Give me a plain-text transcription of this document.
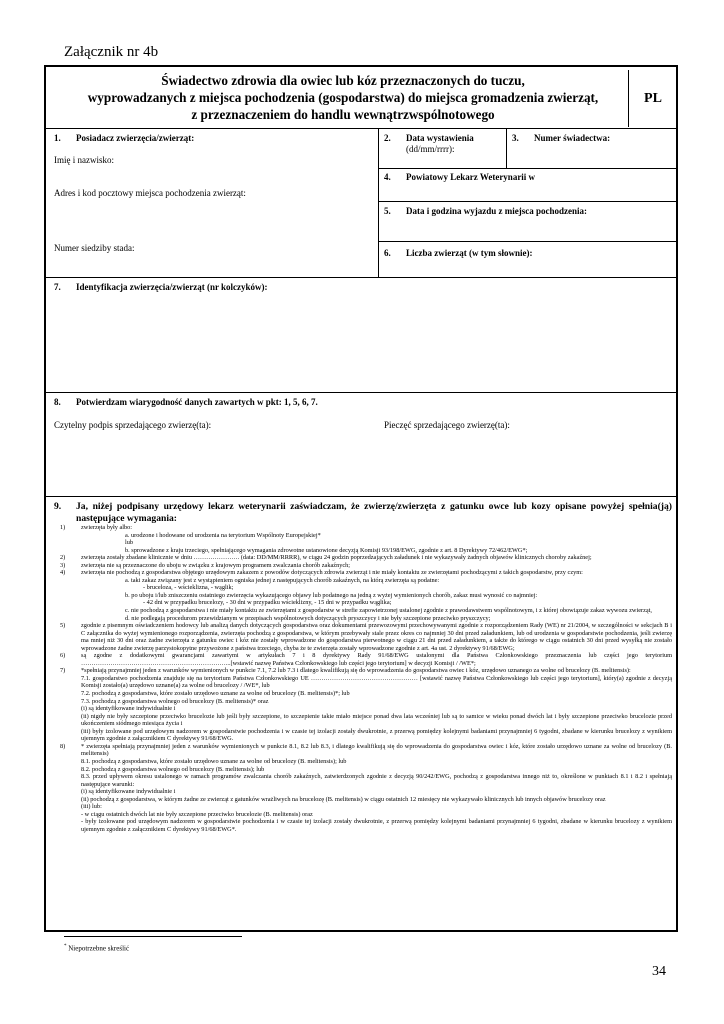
Załącznik nr 4b
Świadectwo zdrowia dla owiec lub kóz przeznaczonych do tuczu,
wyprowadzanych z miejsca pochodzenia (gospodarstwa) do miejsca gromadzenia zwierząt,
z przeznaczeniem do handlu wewnątrzwspólnotowego
PL
1. Posiadacz zwierzęcia/zwierząt:
Imię i nazwisko:
Adres i kod pocztowy miejsca pochodzenia zwierząt:
Numer siedziby stada:
2. Data wystawienia
(dd/mm/rrrr):
3. Numer świadectwa:
4. Powiatowy Lekarz Weterynarii w
5. Data i godzina wyjazdu z miejsca pochodzenia:
6. Liczba zwierząt (w tym słownie):
7. Identyfikacja zwierzęcia/zwierząt (nr kolczyków):
8. Potwierdzam wiarygodność danych zawartych w pkt: 1, 5, 6, 7.
Czytelny podpis sprzedającego zwierzę(ta):	Pieczęć sprzedającego zwierzę(ta):
9.	Ja, niżej podpisany urzędowy lekarz weterynarii zaświadczam, że zwierzę/zwierzęta z gatunku owce lub kozy opisane powyżej spełnia(ją) następujące wymagania:
1)	zwierzęta były albo:
a. urodzone i hodowane od urodzenia na terytorium Wspólnoty Europejskiej*
lub
b. sprowadzone z kraju trzeciego, spełniającego wymagania zdrowotne ustanowione decyzją Komisji 93/198/EWG, zgodnie z art. 8 Dyrektywy 72/462/EWG*;
2)	zwierzęta zostały zbadane klinicznie w dniu …………………. (data: DD/MM/RRRR), w ciągu 24 godzin poprzedzających załadunek i nie wykazywały żadnych objawów klinicznych choroby zakaźnej;
3)	zwierzęta nie są przeznaczone do uboju w związku z krajowym programem zwalczania chorób zakaźnych;
4)	zwierzęta nie pochodzą z gospodarstwa objętego urzędowym zakazem z powodów dotyczących zdrowia zwierząt i nie miały kontaktu ze zwierzętami pochodzącymi z takich gospodarstw, przy czym:
a. taki zakaz związany jest z wystąpieniem ogniska jednej z następujących chorób zakaźnych, na którą zwierzęta są podatne:
- bruceloza, - wścieklizna, - wąglik;
b. po uboju i/lub zniszczeniu ostatniego zwierzęcia wykazującego objawy lub podatnego na jedną z wyżej wymienionych chorób, zakaz musi wynosić co najmniej:
- 42 dni w przypadku brucelozy, - 30 dni w przypadku wścieklizny, - 15 dni w przypadku wąglika;
c. nie pochodzą z gospodarstwa i nie miały kontaktu ze zwierzętami z gospodarstw w strefie zapowietrzonej ustalonej zgodnie z prawodawstwem wspólnotowym, i z której obowiązuje zakaz wywozu zwierząt,
d. nie podlegają procedurom przewidzianym w przepisach wspólnotowych dotyczących pryszczycy i nie były szczepione przeciwko pryszczycy;
5)	zgodnie z pisemnym oświadczeniem hodowcy lub analizą danych dotyczących gospodarstwa oraz dokumentami przewozowymi przechowywanymi zgodnie z rozporządzeniem Rady (WE) nr 21/2004, w szczególności w sekcjach B i C załącznika do wyżej wymienionego rozporządzenia, zwierzęta pochodzą z gospodarstwa, w którym przebywały stale przez okres co najmniej 30 dni przed załadunkiem, lub od urodzenia w gospodarstwie pochodzenia, jeśli zwierzę ma mniej niż 30 dni oraz żadne zwierzęta z gatunku owiec i kóz nie zostały wprowadzone do gospodarstwa pierwotnego w ciągu 21 dni przed załadunkiem, a także do którego w ciągu ostatnich 30 dni przed wysyłką nie zostało wprowadzone żadne zwierzę parzystokopytne przywożone z państwa trzeciego, chyba że te zwierzęta zostały wprowadzone zgodnie z art. 4a ust. 2 dyrektywy 91/68/EWG;
6)	są zgodne z dodatkowymi gwarancjami zawartymi w artykułach 7 i 8 dyrektywy Rady 91/68/EWG ustalonymi dla Państwa Członkowskiego przeznaczenia lub części jego terytorium ……………………………………………………………...[wstawić nazwę Państwa Członkowskiego lub części jego terytorium] w decyzji Komisji / /WE*;
7)	*spełniają przynajmniej jeden z warunków wymienionych w punkcie 7.1, 7.2 lub 7.3 i dlatego kwalifikują się do wprowadzenia do gospodarstwa owiec i kóz, urzędowo uznanego za wolne od brucelozy (B. melitensis):
7.1. gospodarstwo pochodzenia znajduje się na terytorium Państwa Członkowskiego UE …………………………………………… [wstawić nazwę Państwa Członkowskiego lub części jego terytorium], który(a) zgodnie z decyzją Komisji zostało(a) urzędowo uznane(a) za wolne od brucelozy / /WE*, lub
7.2. pochodzą z gospodarstwa, które zostało urzędowo uznane za wolne od brucelozy (B. melitensis)*; lub
7.3. pochodzą z gospodarstwa wolnego od brucelozy (B. melitensis)* oraz
(i) są identyfikowane indywidualnie i
(ii) nigdy nie były szczepione przeciwko brucelozie lub jeśli były szczepione, to szczepienie takie miało miejsce ponad dwa lata wcześniej lub są to samice w wieku ponad dwóch lat i były szczepione przeciwko brucelozie przed ukończeniem siódmego miesiąca życia i
(iii) były izolowane pod urzędowym nadzorem w gospodarstwie pochodzenia i w czasie tej izolacji zostały dwukrotnie, z przerwą pomiędzy kolejnymi badaniami przynajmniej 6 tygodni, zbadane w kierunku brucelozy z wynikiem ujemnym zgodnie z załącznikiem C dyrektywy 91/68/EWG.
8)	* zwierzęta spełniają przynajmniej jeden z warunków wymienionych w punkcie 8.1, 8.2 lub 8.3, i dlatego kwalifikują się do wprowadzenia do gospodarstwa owiec i kóz, które zostało urzędowo uznane za wolne od brucelozy (B. melitensis)
8.1. pochodzą z gospodarstwa, które zostało urzędowo uznane za wolne od brucelozy (B. melitensis); lub
8.2. pochodzą z gospodarstwa wolnego od brucelozy (B. melitensis); lub
8.3. przed upływem okresu ustalonego w ramach programów zwalczania chorób zakaźnych, zatwierdzonych zgodnie z decyzją 90/242/EWG, pochodzą z gospodarstwa innego niż to, określone w punktach 8.1 i 8.2 i spełniają następujące warunki:
(i) są identyfikowane indywidualnie i
(ii) pochodzą z gospodarstwa, w którym żadne ze zwierząt z gatunków wrażliwych na brucelozę (B. melitensis) w ciągu ostatnich 12 miesięcy nie wykazywało klinicznych lub innych objawów brucelozy oraz
(iii) lub:
- w ciągu ostatnich dwóch lat nie były szczepione przeciwko brucelozie (B. melitensis) oraz
- były izolowane pod urzędowym nadzorem w gospodarstwie pochodzenia i w czasie tej izolacji zostały dwukrotnie, z przerwą pomiędzy kolejnymi badaniami przynajmniej 6 tygodni, zbadane w kierunku brucelozy z wynikiem ujemnym zgodnie z załącznikiem C dyrektywy 91/68/EWG*.
* Niepotrzebne skreślić
34
